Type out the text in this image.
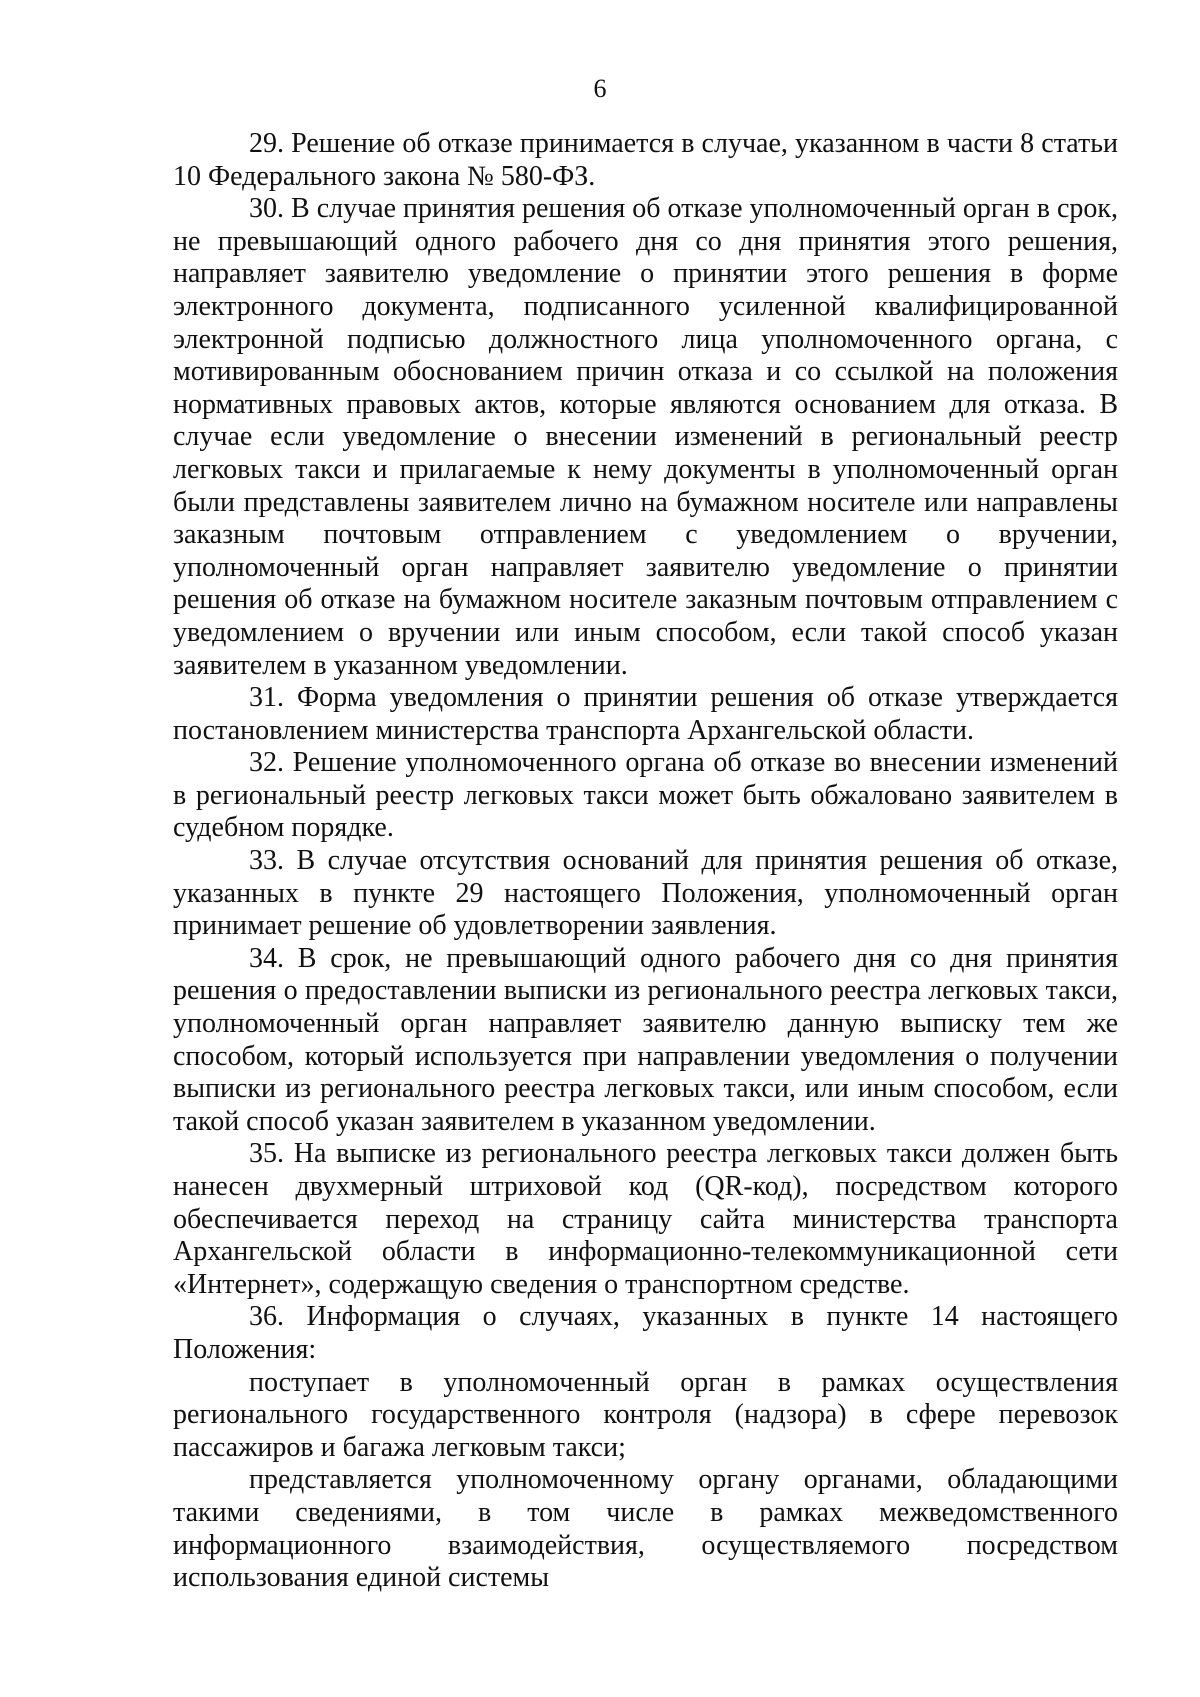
6

29. Решение об отказе принимается в случае, указанном в части 8 статьи 10 Федерального закона № 580-ФЗ.

30. В случае принятия решения об отказе уполномоченный орган в срок, не превышающий одного рабочего дня со дня принятия этого решения, направляет заявителю уведомление о принятии этого решения в форме электронного документа, подписанного усиленной квалифицированной электронной подписью должностного лица уполномоченного органа, с мотивированным обоснованием причин отказа и со ссылкой на положения нормативных правовых актов, которые являются основанием для отказа. В случае если уведомление о внесении изменений в региональный реестр легковых такси и прилагаемые к нему документы в уполномоченный орган были представлены заявителем лично на бумажном носителе или направлены заказным почтовым отправлением с уведомлением о вручении, уполномоченный орган направляет заявителю уведомление о принятии решения об отказе на бумажном носителе заказным почтовым отправлением с уведомлением о вручении или иным способом, если такой способ указан заявителем в указанном уведомлении.

31. Форма уведомления о принятии решения об отказе утверждается постановлением министерства транспорта Архангельской области.

32. Решение уполномоченного органа об отказе во внесении изменений в региональный реестр легковых такси может быть обжаловано заявителем в судебном порядке.

33. В случае отсутствия оснований для принятия решения об отказе, указанных в пункте 29 настоящего Положения, уполномоченный орган принимает решение об удовлетворении заявления.

34. В срок, не превышающий одного рабочего дня со дня принятия решения о предоставлении выписки из регионального реестра легковых такси, уполномоченный орган направляет заявителю данную выписку тем же способом, который используется при направлении уведомления о получении выписки из регионального реестра легковых такси, или иным способом, если такой способ указан заявителем в указанном уведомлении.

35. На выписке из регионального реестра легковых такси должен быть нанесен двухмерный штриховой код (QR-код), посредством которого обеспечивается переход на страницу сайта министерства транспорта Архангельской области в информационно-телекоммуникационной сети «Интернет», содержащую сведения о транспортном средстве.

36. Информация о случаях, указанных в пункте 14 настоящего Положения:

поступает в уполномоченный орган в рамках осуществления регионального государственного контроля (надзора) в сфере перевозок пассажиров и багажа легковым такси;

представляется уполномоченному органу органами, обладающими такими сведениями, в том числе в рамках межведомственного информационного взаимодействия, осуществляемого посредством использования единой системы
